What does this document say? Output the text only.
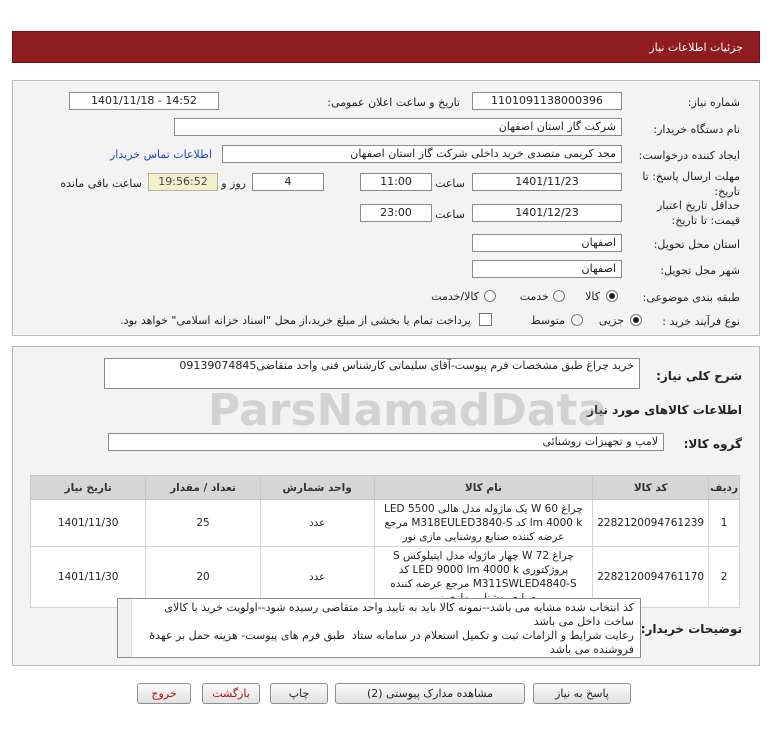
جزئیات اطلاعات نیاز
شماره نیاز:
1101091138000396
تاریخ و ساعت اعلان عمومی:
1401/11/18 - 14:52
نام دستگاه خریدار:
شرکت گاز استان اصفهان
ایجاد کننده درخواست:
مجد کریمی متصدی خرید داخلی شرکت گاز استان اصفهان
اطلاعات تماس خریدار
مهلت ارسال پاسخ: تا تاریخ:
1401/11/23
ساعت
11:00
4
روز و
19:56:52
ساعت باقی مانده
حداقل تاریخ اعتبار قیمت: تا تاریخ:
1401/12/23
ساعت
23:00
استان محل تحویل:
اصفهان
شهر محل تحویل:
اصفهان
طبقه بندی موضوعی:
کالا
خدمت
کالا/خدمت
نوع فرآیند خرید :
جزیی
متوسط
پرداخت تمام یا بخشی از مبلغ خرید،از محل "اسناد خزانه اسلامی" خواهد بود.
شرح کلی نیاز:
خرید چراغ طبق مشخصات فرم پیوست-آقای سلیماتی کارشناس فنی واحد متقاضی09139074845
اطلاعات کالاهای مورد نیاز
گروه کالا:
لامپ و تجهیزات روشنائی
ردیف	کد کالا	نام کالا	واحد شمارش	تعداد / مقدار	تاریخ نیاز
1	2282120094761239	چراغ W 60 یک ماژوله مدل هالی LED 5500 lm 4000 k کد M318EULED3840-S مرجع عرضه کننده صنایع روشنایی مازی نور	عدد	25	1401/11/30
2	2282120094761170	چراغ W 72 چهار ماژوله مدل اپتیلوکس S پروژکتوری LED 9000 lm 4000 k کد M311SWLED4840-S مرجع عرضه کننده	عدد	20	1401/11/30
توضیحات خریدار:
کد انتخاب شده مشابه می باشد--نمونه کالا باید به تایید واحد متقاضی رسیده شود--اولویت خرید با کالای ساخت داخل می باشد
رعایت شرایط و الزامات ثبت و تکمیل استعلام در سامانه ستاد  طبق فرم های پیوست- هزینه حمل بر عهدهٔ فروشنده می باشد
پاسخ به نیاز
مشاهده مدارک پیوستی (2)
چاپ
بازگشت
خروج
ParsNamadData
